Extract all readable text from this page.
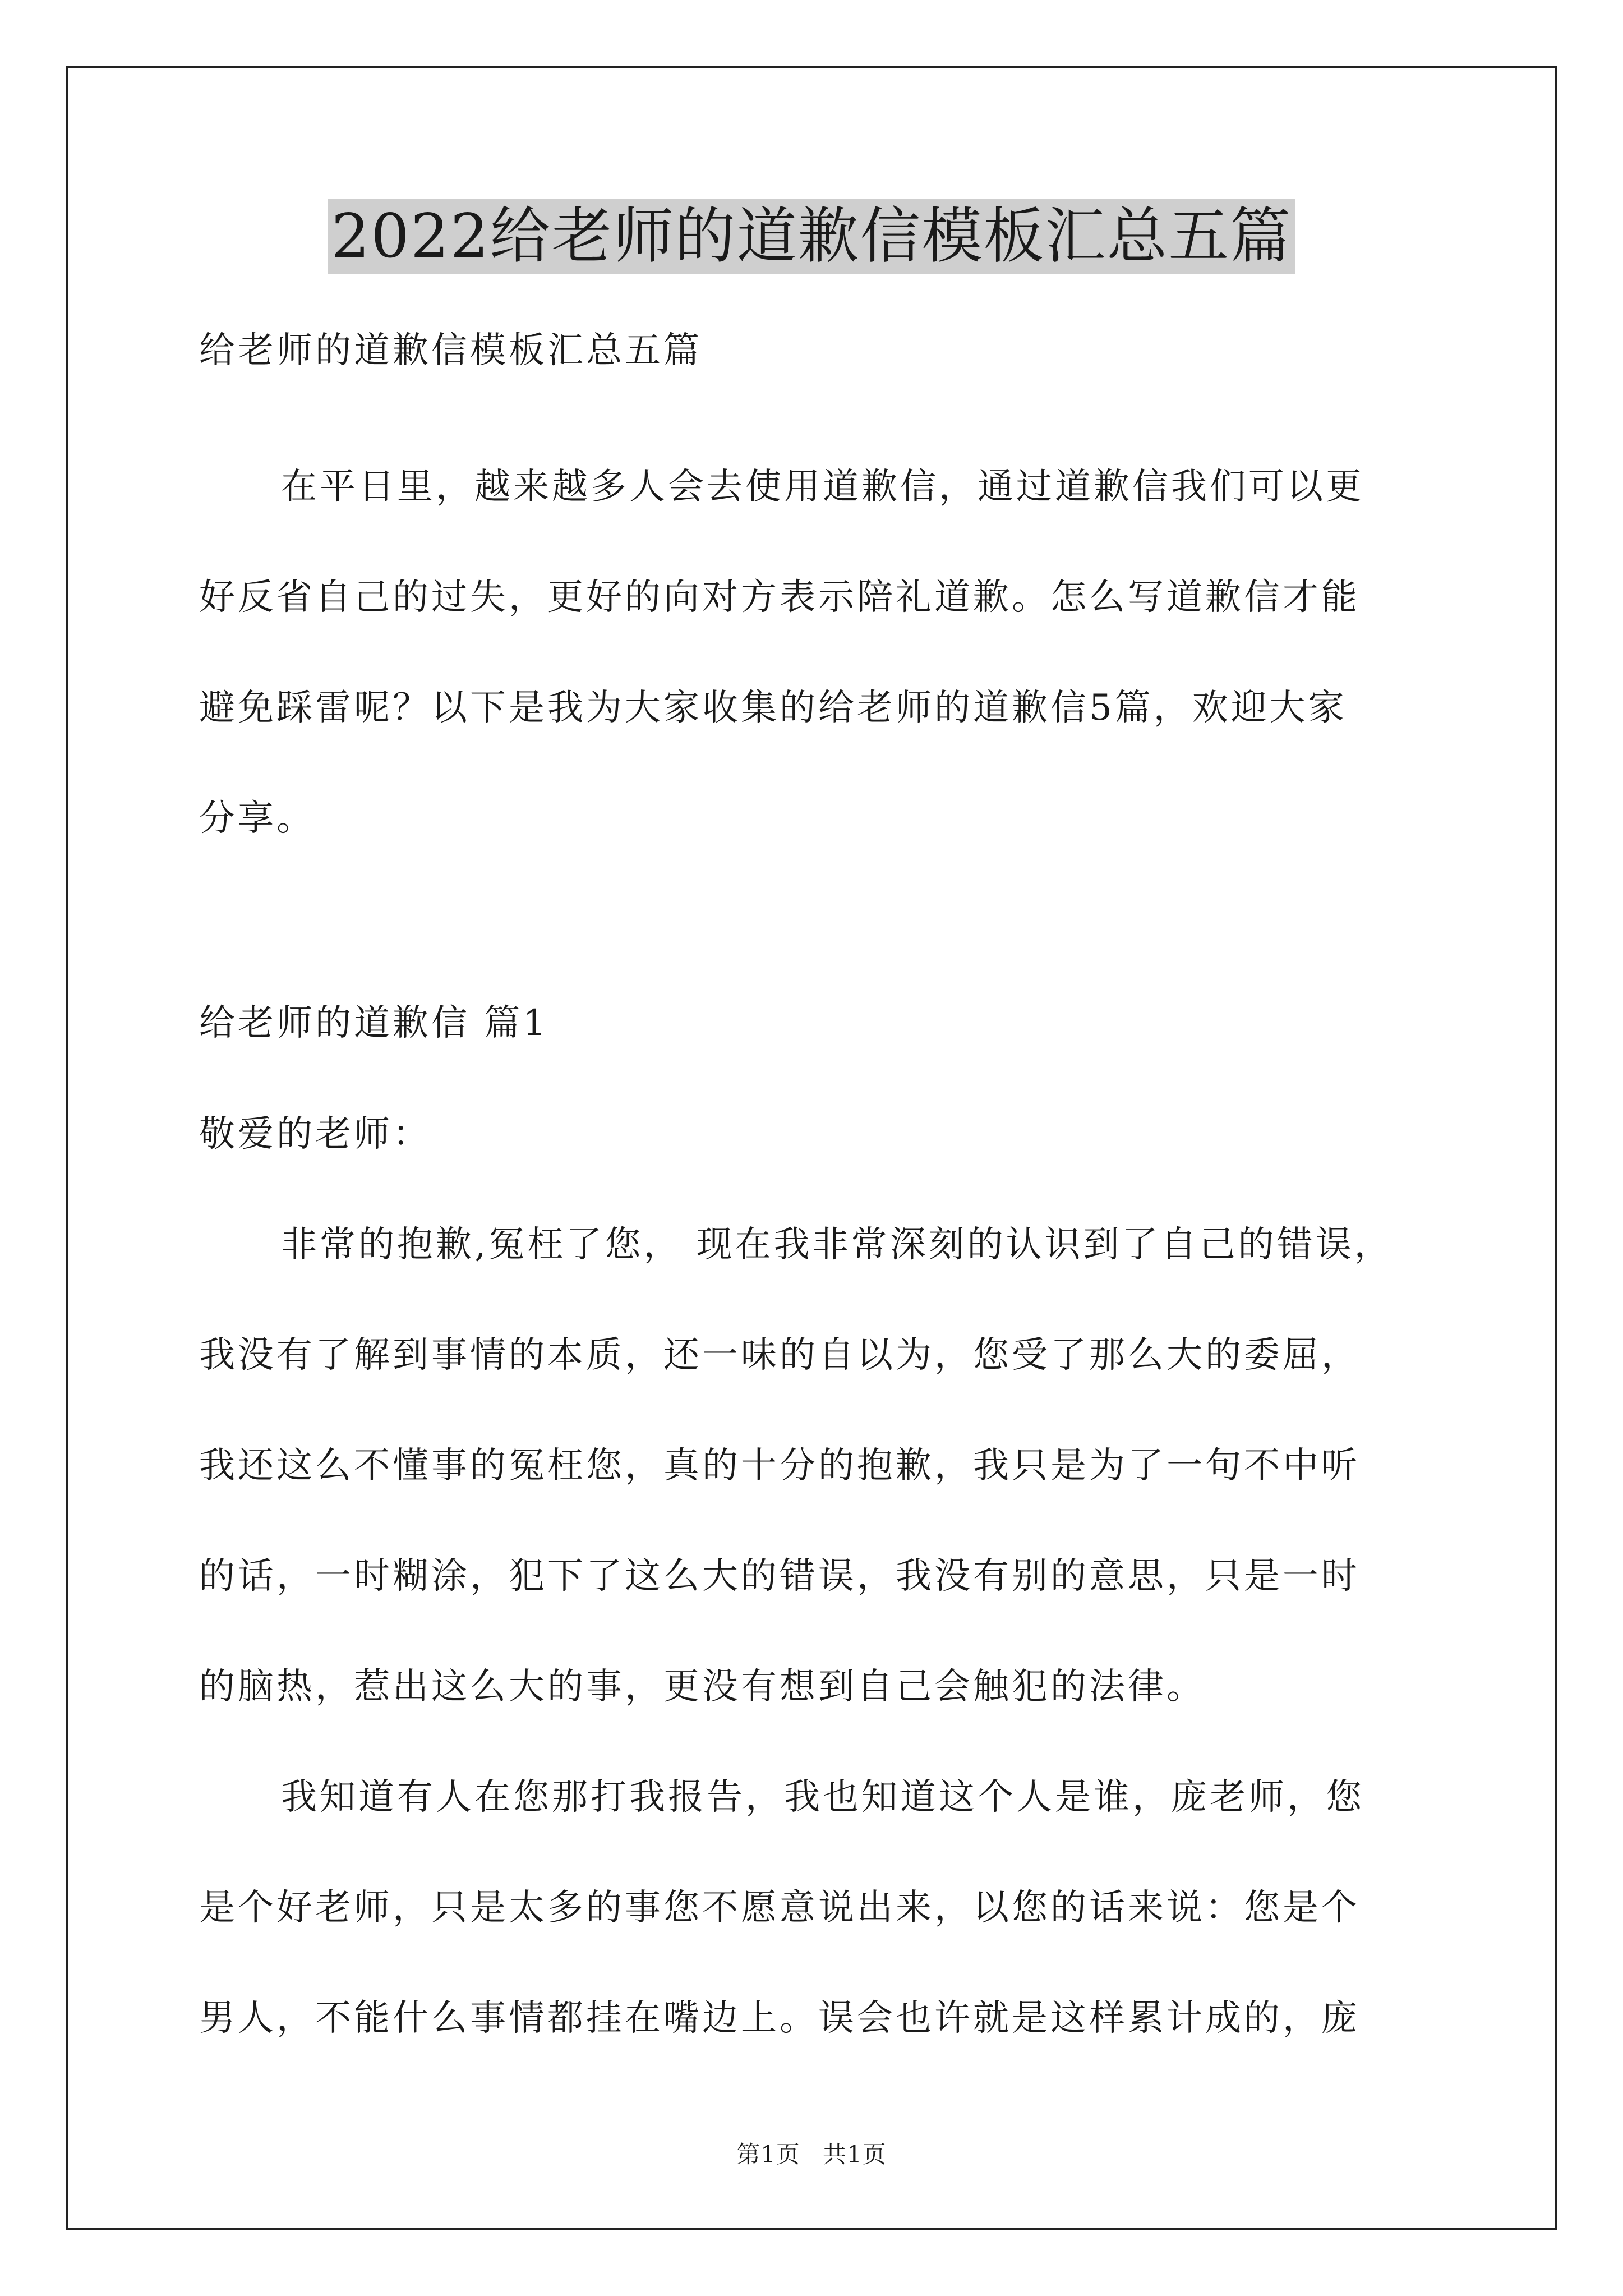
2022给老师的道歉信模板汇总五篇
给老师的道歉信模板汇总五篇
在平日里，越来越多人会去使用道歉信，通过道歉信我们可以更
好反省自己的过失，更好的向对方表示陪礼道歉。怎么写道歉信才能
避免踩雷呢？以下是我为大家收集的给老师的道歉信5篇，欢迎大家
分享。
给老师的道歉信 篇1
敬爱的老师：
非常的抱歉,冤枉了您， 现在我非常深刻的认识到了自己的错误，
我没有了解到事情的本质，还一味的自以为，您受了那么大的委屈，
我还这么不懂事的冤枉您，真的十分的抱歉，我只是为了一句不中听
的话，一时糊涂，犯下了这么大的错误，我没有别的意思，只是一时
的脑热，惹出这么大的事，更没有想到自己会触犯的法律。
我知道有人在您那打我报告，我也知道这个人是谁，庞老师，您
是个好老师，只是太多的事您不愿意说出来，以您的话来说：您是个
男人，不能什么事情都挂在嘴边上。误会也许就是这样累计成的，庞
第1页 共1页
